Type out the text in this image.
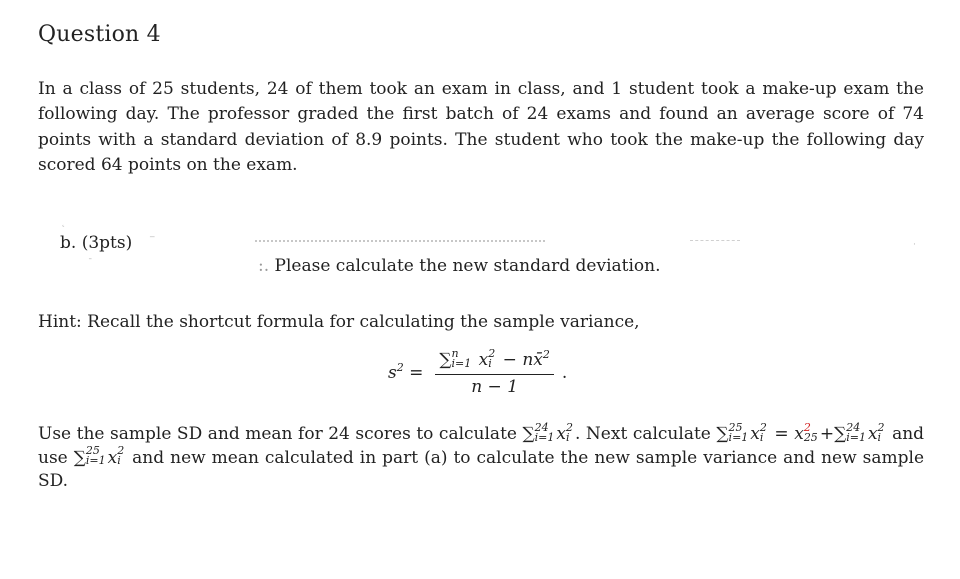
Question 4

In a class of 25 students, 24 of them took an exam in class, and 1 student took a make-up exam the following day. The professor graded the first batch of 24 exams and found an average score of 74 points with a standard deviation of 8.9 points. The student who took the make-up the following day scored 64 points on the exam.

b. (3pts)
˛
¯
‾	·
:. Please calculate the new standard deviation.
Hint: Recall the shortcut formula for calculating the sample variance,
$s^2$ = ∑ n
i=1 x 2
i − nx̄$^2$
n − 1 .

Use the sample SD and mean for 24 scores to calculate ∑ 24
i=1 x 2
i . Next calculate ∑ 25
i=1 x 2
i = x 2
25 +∑ 24
i=1 x 2
i and use ∑ 25
i=1 x 2
i and new mean calculated in part (a) to calculate the new sample variance and new sample SD.
